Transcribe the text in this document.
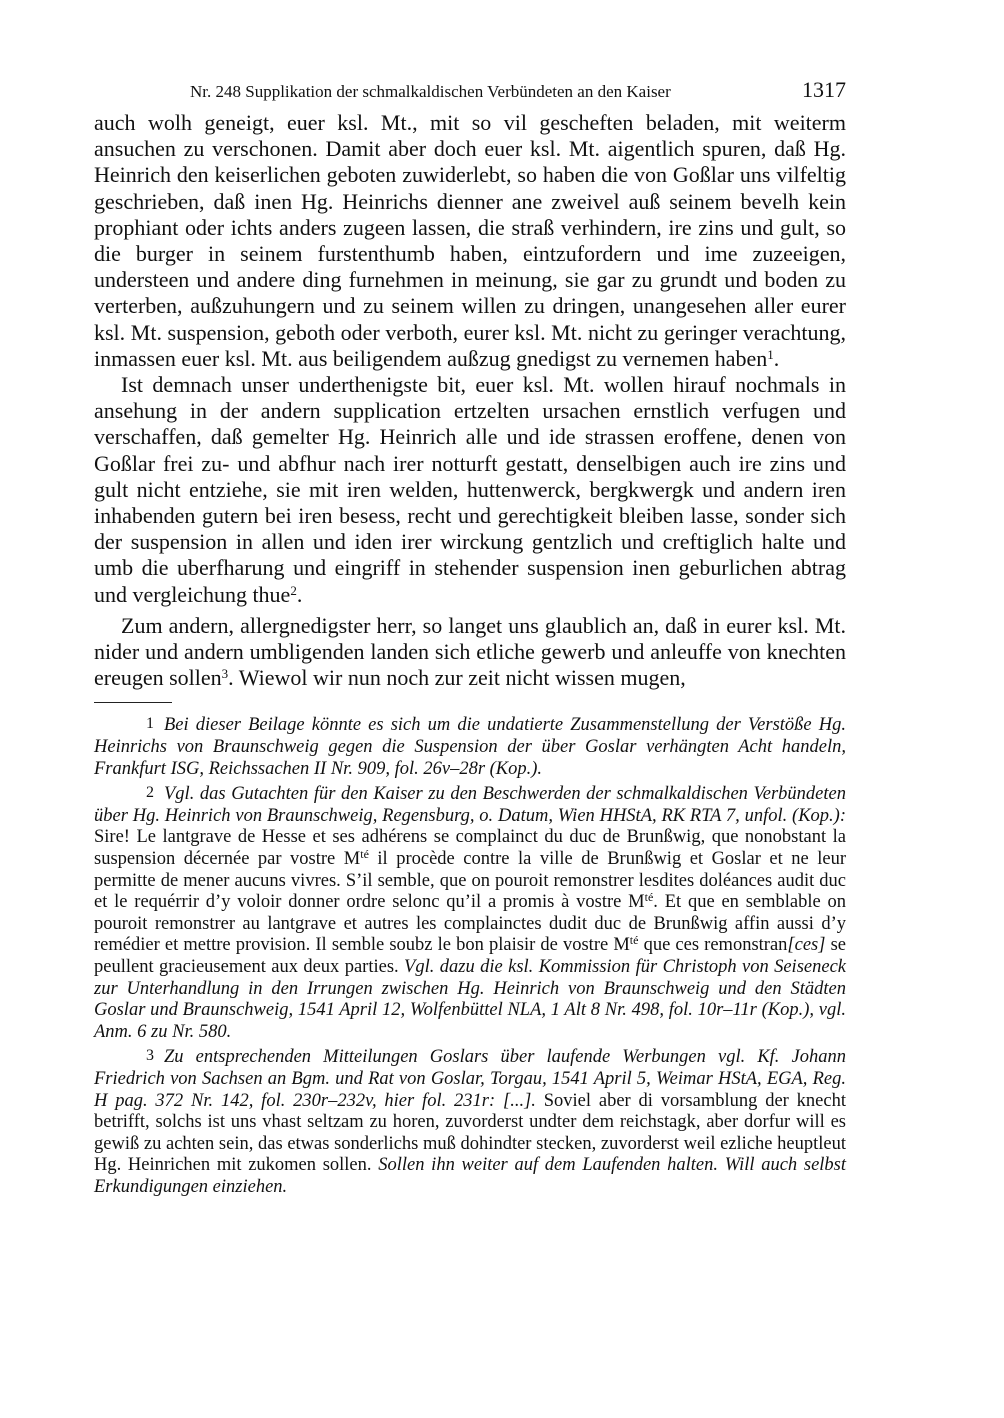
Nr. 248 Supplikation der schmalkaldischen Verbündeten an den Kaiser	1317

auch wolh geneigt, euer ksl. Mt., mit so vil gescheften beladen, mit weiterm ansuchen zu verschonen. Damit aber doch euer ksl. Mt. aigentlich spuren, daß Hg. Heinrich den keiserlichen geboten zuwiderlebt, so haben die von Goßlar uns vilfeltig geschrieben, daß inen Hg. Heinrichs dienner ane zweivel auß seinem bevelh kein prophiant oder ichts anders zugeen lassen, die straß verhindern, ire zins und gult, so die burger in seinem furstenthumb haben, eintzufordern und ime zuzeeigen, understeen und andere ding furnehmen in meinung, sie gar zu grundt und boden zu verterben, außzuhungern und zu seinem willen zu dringen, unangesehen aller eurer ksl. Mt. suspension, geboth oder verboth, eurer ksl. Mt. nicht zu geringer verachtung, inmassen euer ksl. Mt. aus beiligendem außzug gnedigst zu vernemen haben$^1$.

Ist demnach unser underthenigste bit, euer ksl. Mt. wollen hirauf nochmals in ansehung in der andern supplication ertzelten ursachen ernstlich verfugen und verschaffen, daß gemelter Hg. Heinrich alle und ide strassen eroffene, denen von Goßlar frei zu- und abfhur nach irer notturft gestatt, denselbigen auch ire zins und gult nicht entziehe, sie mit iren welden, huttenwerck, bergkwergk und andern iren inhabenden gutern bei iren besess, recht und gerechtigkeit bleiben lasse, sonder sich der suspension in allen und iden irer wirckung gentzlich und creftiglich halte und umb die uberfharung und eingriff in stehender suspension inen geburlichen abtrag und vergleichung thue$^2$.

Zum andern, allergnedigster herr, so langet uns glaublich an, daß in eurer ksl. Mt. nider und andern umbligenden landen sich etliche gewerb und anleuffe von knechten ereugen sollen$^3$. Wiewol wir nun noch zur zeit nicht wissen mugen,

1 Bei dieser Beilage könnte es sich um die undatierte Zusammenstellung der Verstöße Hg. Heinrichs von Braunschweig gegen die Suspension der über Goslar verhängten Acht handeln, Frankfurt ISG, Reichssachen II Nr. 909, fol. 26v–28r (Kop.).

2 Vgl. das Gutachten für den Kaiser zu den Beschwerden der schmalkaldischen Verbündeten über Hg. Heinrich von Braunschweig, Regensburg, o. Datum, Wien HHStA, RK RTA 7, unfol. (Kop.): Sire! Le lantgrave de Hesse et ses adhérens se complainct du duc de Brunßwig, que nonobstant la suspension décernée par vostre $M^{té}$ il procède contre la ville de Brunßwig et Goslar et ne leur permitte de mener aucuns vivres. S’il semble, que on pouroit remonstrer lesdites doléances audit duc et le requérrir d’y voloir donner ordre selonc qu’il a promis à vostre $M^{té}$. Et que en semblable on pouroit remonstrer au lantgrave et autres les complainctes dudit duc de Brunßwig affin aussi d’y remédier et mettre provision. Il semble soubz le bon plaisir de vostre $M^{té}$ que ces remonstran[ces] se peullent gracieusement aux deux parties. Vgl. dazu die ksl. Kommission für Christoph von Seiseneck zur Unterhandlung in den Irrungen zwischen Hg. Heinrich von Braunschweig und den Städten Goslar und Braunschweig, 1541 April 12, Wolfenbüttel NLA, 1 Alt 8 Nr. 498, fol. 10r–11r (Kop.), vgl. Anm. 6 zu Nr. 580.

3 Zu entsprechenden Mitteilungen Goslars über laufende Werbungen vgl. Kf. Johann Friedrich von Sachsen an Bgm. und Rat von Goslar, Torgau, 1541 April 5, Weimar HStA, EGA, Reg. H pag. 372 Nr. 142, fol. 230r–232v, hier fol. 231r: [...]. Soviel aber di vorsamblung der knecht betrifft, solchs ist uns vhast seltzam zu horen, zuvorderst undter dem reichstagk, aber dorfur will es gewiß zu achten sein, das etwas sonderlichs muß dohindter stecken, zuvorderst weil ezliche heuptleut Hg. Heinrichen mit zukomen sollen. Sollen ihn weiter auf dem Laufenden halten. Will auch selbst Erkundigungen einziehen.
